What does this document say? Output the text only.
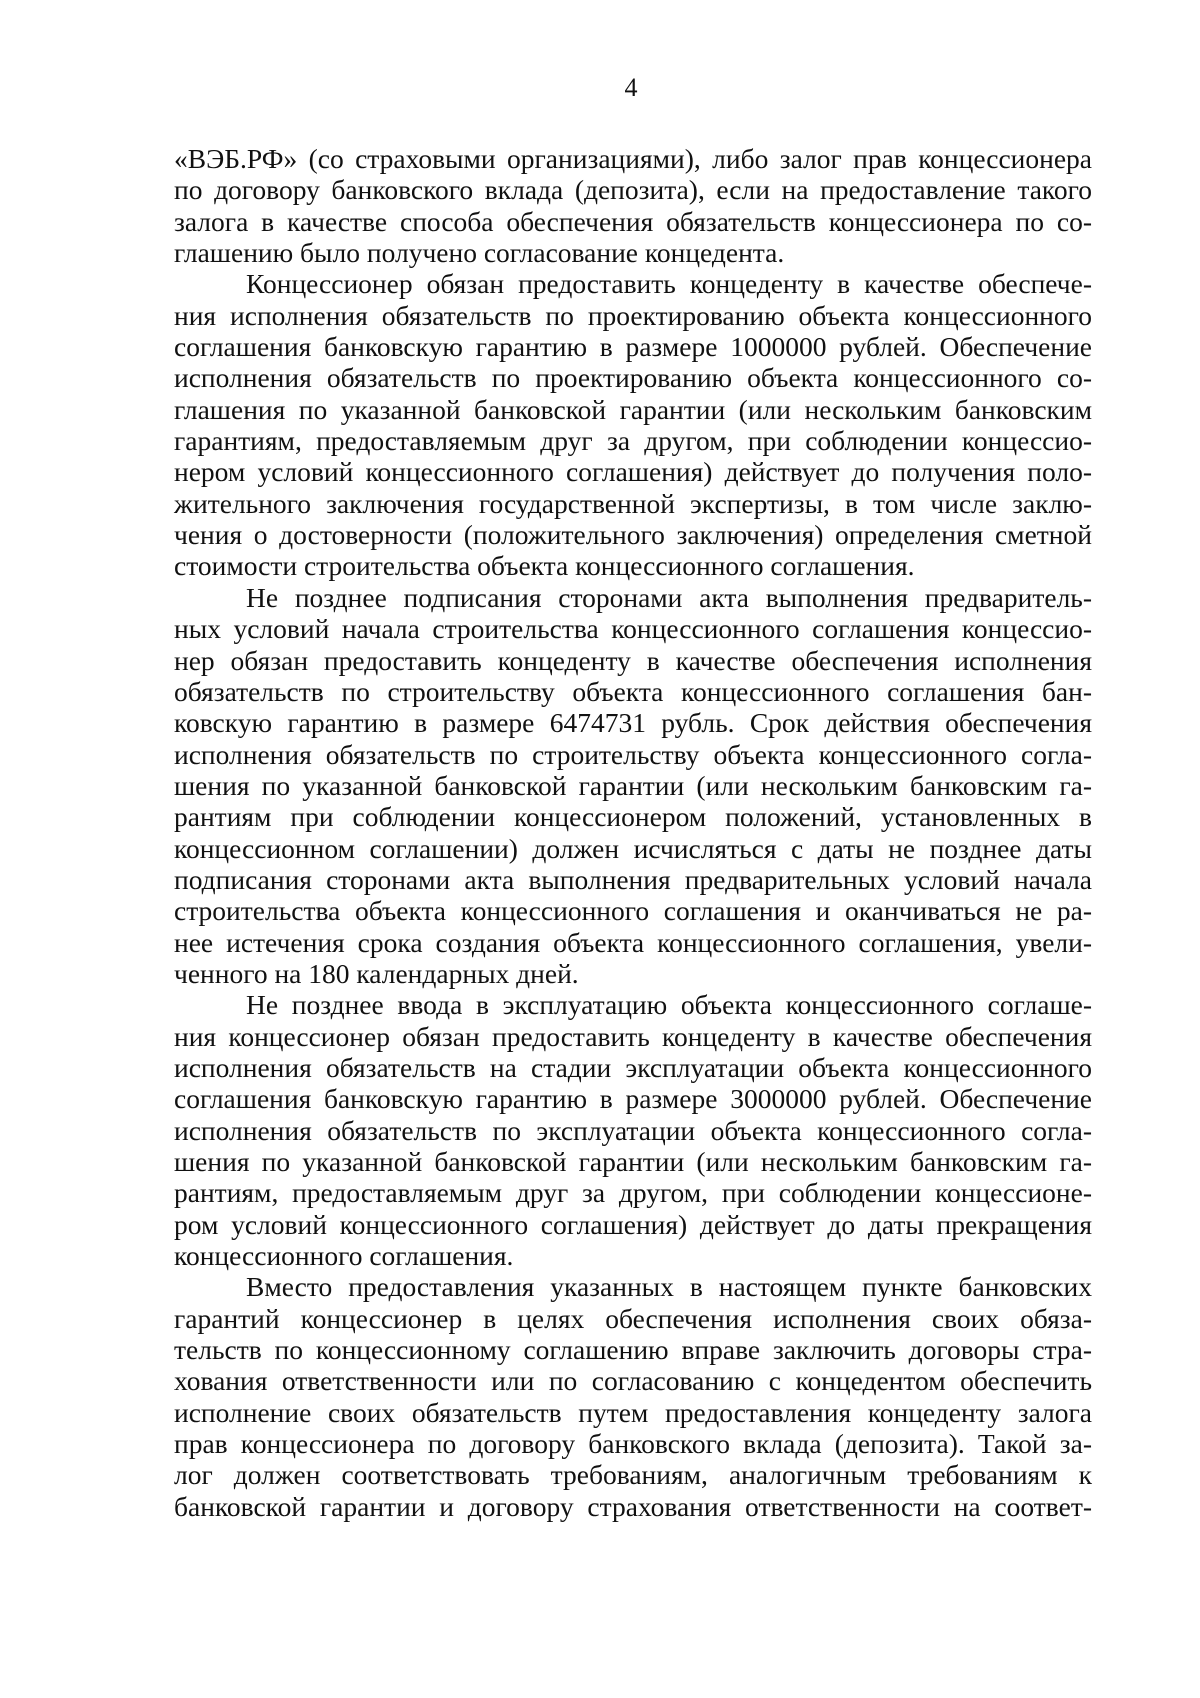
4
«ВЭБ.РФ» (со страховыми организациями), либо залог прав концессионера
по договору банковского вклада (депозита), если на предоставление такого
залога в качестве способа обеспечения обязательств концессионера по со-
глашению было получено согласование концедента.
Концессионер обязан предоставить концеденту в качестве обеспече-
ния исполнения обязательств по проектированию объекта концессионного
соглашения банковскую гарантию в размере 1000000 рублей. Обеспечение
исполнения обязательств по проектированию объекта концессионного со-
глашения по указанной банковской гарантии (или нескольким банковским
гарантиям, предоставляемым друг за другом, при соблюдении концессио-
нером условий концессионного соглашения) действует до получения поло-
жительного заключения государственной экспертизы, в том числе заклю-
чения о достоверности (положительного заключения) определения сметной
стоимости строительства объекта концессионного соглашения.
Не позднее подписания сторонами акта выполнения предваритель-
ных условий начала строительства концессионного соглашения концессио-
нер обязан предоставить концеденту в качестве обеспечения исполнения
обязательств по строительству объекта концессионного соглашения бан-
ковскую гарантию в размере 6474731 рубль. Срок действия обеспечения
исполнения обязательств по строительству объекта концессионного согла-
шения по указанной банковской гарантии (или нескольким банковским га-
рантиям при соблюдении концессионером положений, установленных в
концессионном соглашении) должен исчисляться с даты не позднее даты
подписания сторонами акта выполнения предварительных условий начала
строительства объекта концессионного соглашения и оканчиваться не ра-
нее истечения срока создания объекта концессионного соглашения, увели-
ченного на 180 календарных дней.
Не позднее ввода в эксплуатацию объекта концессионного соглаше-
ния концессионер обязан предоставить концеденту в качестве обеспечения
исполнения обязательств на стадии эксплуатации объекта концессионного
соглашения банковскую гарантию в размере 3000000 рублей. Обеспечение
исполнения обязательств по эксплуатации объекта концессионного согла-
шения по указанной банковской гарантии (или нескольким банковским га-
рантиям, предоставляемым друг за другом, при соблюдении концессионе-
ром условий концессионного соглашения) действует до даты прекращения
концессионного соглашения.
Вместо предоставления указанных в настоящем пункте банковских
гарантий концессионер в целях обеспечения исполнения своих обяза-
тельств по концессионному соглашению вправе заключить договоры стра-
хования ответственности или по согласованию с концедентом обеспечить
исполнение своих обязательств путем предоставления концеденту залога
прав концессионера по договору банковского вклада (депозита). Такой за-
лог должен соответствовать требованиям, аналогичным требованиям к
банковской гарантии и договору страхования ответственности на соответ-
